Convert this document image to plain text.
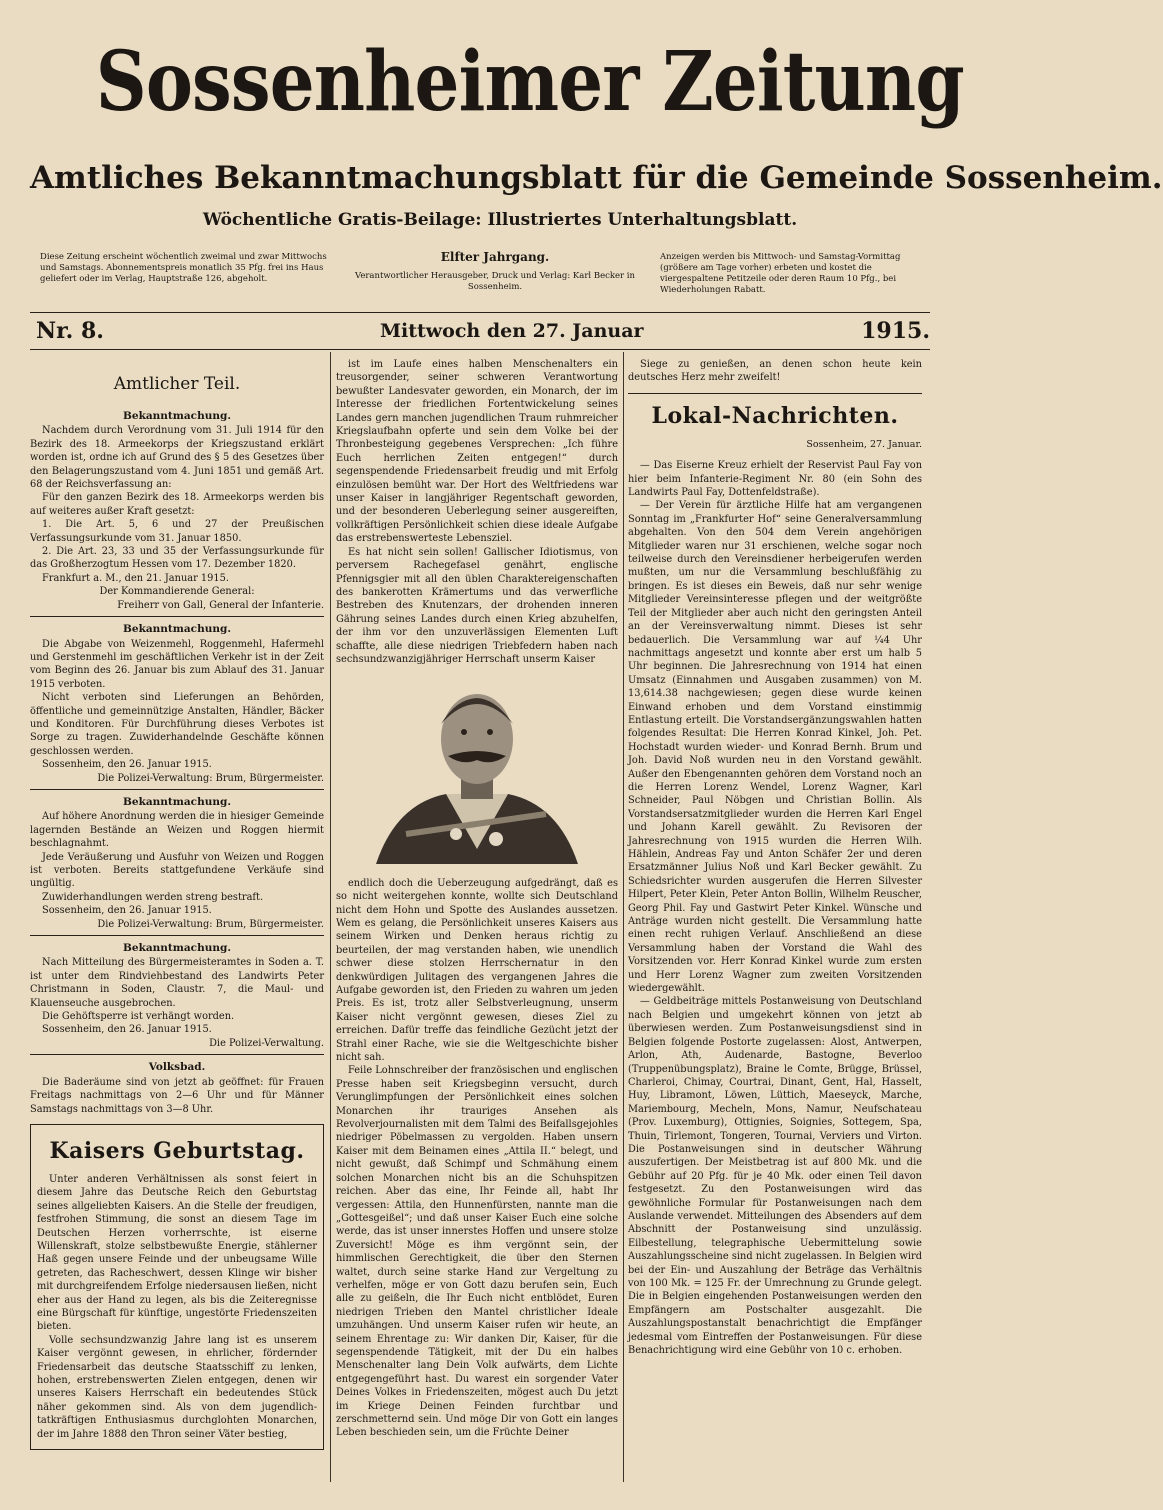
Sossenheimer Zeitung
Amtliches Bekanntmachungsblatt für die Gemeinde Sossenheim.
Wöchentliche Gratis-Beilage: Illustriertes Unterhaltungsblatt.
Diese Zeitung erscheint wöchentlich zweimal und zwar Mittwochs und Samstags. Abonnementspreis monatlich 35 Pfg. frei ins Haus geliefert oder im Verlag, Hauptstraße 126, abgeholt.
Elfter Jahrgang.
Verantwortlicher Herausgeber, Druck und Verlag: Karl Becker in Sossenheim.
Anzeigen werden bis Mittwoch- und Samstag-Vormittag (größere am Tage vorher) erbeten und kostet die viergespaltene Petitzeile oder deren Raum 10 Pfg., bei Wiederholungen Rabatt.
Nr. 8.	Mittwoch den 27. Januar	1915.
Amtlicher Teil.
Bekanntmachung.

Nachdem durch Verordnung vom 31. Juli 1914 für den Bezirk des 18. Armeekorps der Kriegszustand erklärt worden ist, ordne ich auf Grund des § 5 des Gesetzes über den Belagerungszustand vom 4. Juni 1851 und gemäß Art. 68 der Reichsverfassung an:

Für den ganzen Bezirk des 18. Armeekorps werden bis auf weiteres außer Kraft gesetzt:

1. Die Art. 5, 6 und 27 der Preußischen Verfassungsurkunde vom 31. Januar 1850.

2. Die Art. 23, 33 und 35 der Verfassungsurkunde für das Großherzogtum Hessen vom 17. Dezember 1820.

Frankfurt a. M., den 21. Januar 1915.

Der Kommandierende General:
Freiherr von Gall, General der Infanterie.
Bekanntmachung.

Die Abgabe von Weizenmehl, Roggenmehl, Hafermehl und Gerstenmehl im geschäftlichen Verkehr ist in der Zeit vom Beginn des 26. Januar bis zum Ablauf des 31. Januar 1915 verboten.

Nicht verboten sind Lieferungen an Behörden, öffentliche und gemeinnützige Anstalten, Händler, Bäcker und Konditoren. Für Durchführung dieses Verbotes ist Sorge zu tragen. Zuwiderhandelnde Geschäfte können geschlossen werden.

Sossenheim, den 26. Januar 1915.

Die Polizei-Verwaltung: Brum, Bürgermeister.
Bekanntmachung.

Auf höhere Anordnung werden die in hiesiger Gemeinde lagernden Bestände an Weizen und Roggen hiermit beschlagnahmt.

Jede Veräußerung und Ausfuhr von Weizen und Roggen ist verboten. Bereits stattgefundene Verkäufe sind ungültig.

Zuwiderhandlungen werden streng bestraft.

Sossenheim, den 26. Januar 1915.

Die Polizei-Verwaltung: Brum, Bürgermeister.
Bekanntmachung.

Nach Mitteilung des Bürgermeisteramtes in Soden a. T. ist unter dem Rindviehbestand des Landwirts Peter Christmann in Soden, Claustr. 7, die Maul- und Klauenseuche ausgebrochen.

Die Gehöftsperre ist verhängt worden.

Sossenheim, den 26. Januar 1915.

Die Polizei-Verwaltung.
Volksbad.

Die Baderäume sind von jetzt ab geöffnet: für Frauen Freitags nachmittags von 2—6 Uhr und für Männer Samstags nachmittags von 3—8 Uhr.

Kaisers Geburtstag.

Unter anderen Verhältnissen als sonst feiert in diesem Jahre das Deutsche Reich den Geburtstag seines allgeliebten Kaisers. An die Stelle der freudigen, festfrohen Stimmung, die sonst an diesem Tage im Deutschen Herzen vorherrschte, ist eiserne Willenskraft, stolze selbstbewußte Energie, stählerner Haß gegen unsere Feinde und der unbeugsame Wille getreten, das Racheschwert, dessen Klinge wir bisher mit durchgreifendem Erfolge niedersausen ließen, nicht eher aus der Hand zu legen, als bis die Zeiteregnisse eine Bürgschaft für künftige, ungestörte Friedenszeiten bieten.

Volle sechsundzwanzig Jahre lang ist es unserem Kaiser vergönnt gewesen, in ehrlicher, fördernder Friedensarbeit das deutsche Staatsschiff zu lenken, hohen, erstrebenswerten Zielen entgegen, denen wir unseres Kaisers Herrschaft ein bedeutendes Stück näher gekommen sind. Als von dem jugendlich-tatkräftigen Enthusiasmus durchglohten Monarchen, der im Jahre 1888 den Thron seiner Väter bestieg,

ist im Laufe eines halben Menschenalters ein treusorgender, seiner schweren Verantwortung bewußter Landesvater geworden, ein Monarch, der im Interesse der friedlichen Fortentwickelung seines Landes gern manchen jugendlichen Traum ruhmreicher Kriegslaufbahn opferte und sein dem Volke bei der Thronbesteigung gegebenes Versprechen: „Ich führe Euch herrlichen Zeiten entgegen!“ durch segenspendende Friedensarbeit freudig und mit Erfolg einzulösen bemüht war. Der Hort des Weltfriedens war unser Kaiser in langjähriger Regentschaft geworden, und der besonderen Ueberlegung seiner ausgereiften, vollkräftigen Persönlichkeit schien diese ideale Aufgabe das erstrebenswerteste Lebensziel.

Es hat nicht sein sollen! Gallischer Idiotismus, von perversem Rachegefasel genährt, englische Pfennigsgier mit all den üblen Charaktereigenschaften des bankerotten Krämertums und das verwerfliche Bestreben des Knutenzars, der drohenden inneren Gährung seines Landes durch einen Krieg abzuhelfen, der ihm vor den unzuverlässigen Elementen Luft schaffte, alle diese niedrigen Triebfedern haben nach sechsundzwanzigjähriger Herrschaft unserm Kaiser

Kaiser Wilhelm II.

endlich doch die Ueberzeugung aufgedrängt, daß es so nicht weitergehen konnte, wollte sich Deutschland nicht dem Hohn und Spotte des Auslandes aussetzen. Wem es gelang, die Persönlichkeit unseres Kaisers aus seinem Wirken und Denken heraus richtig zu beurteilen, der mag verstanden haben, wie unendlich schwer diese stolzen Herrschernatur in den denkwürdigen Julitagen des vergangenen Jahres die Aufgabe geworden ist, den Frieden zu wahren um jeden Preis. Es ist, trotz aller Selbstverleugnung, unserm Kaiser nicht vergönnt gewesen, dieses Ziel zu erreichen. Dafür treffe das feindliche Gezücht jetzt der Strahl einer Rache, wie sie die Weltgeschichte bisher nicht sah.

Feile Lohnschreiber der französischen und englischen Presse haben seit Kriegsbeginn versucht, durch Verunglimpfungen der Persönlichkeit eines solchen Monarchen ihr trauriges Ansehen als Revolverjournalisten mit dem Talmi des Beifallsgejohles niedriger Pöbelmassen zu vergolden. Haben unsern Kaiser mit dem Beinamen eines „Attila II.“ belegt, und nicht gewußt, daß Schimpf und Schmähung einem solchen Monarchen nicht bis an die Schuhspitzen reichen. Aber das eine, Ihr Feinde all, habt Ihr vergessen: Attila, den Hunnenfürsten, nannte man die „Gottesgeißel“; und daß unser Kaiser Euch eine solche werde, das ist unser innerstes Hoffen und unsere stolze Zuversicht! Möge es ihm vergönnt sein, der himmlischen Gerechtigkeit, die über den Sternen waltet, durch seine starke Hand zur Vergeltung zu verhelfen, möge er von Gott dazu berufen sein, Euch alle zu geißeln, die Ihr Euch nicht entblödet, Euren niedrigen Trieben den Mantel christlicher Ideale umzuhängen. Und unserm Kaiser rufen wir heute, an seinem Ehrentage zu: Wir danken Dir, Kaiser, für die segenspendende Tätigkeit, mit der Du ein halbes Menschenalter lang Dein Volk aufwärts, dem Lichte entgegengeführt hast. Du warest ein sorgender Vater Deines Volkes in Friedenszeiten, mögest auch Du jetzt im Kriege Deinen Feinden furchtbar und zerschmetternd sein. Und möge Dir von Gott ein langes Leben beschieden sein, um die Früchte Deiner

Siege zu genießen, an denen schon heute kein deutsches Herz mehr zweifelt!

Lokal-Nachrichten.
Sossenheim, 27. Januar.

— Das Eiserne Kreuz erhielt der Reservist Paul Fay von hier beim Infanterie-Regiment Nr. 80 (ein Sohn des Landwirts Paul Fay, Dottenfeldstraße).

— Der Verein für ärztliche Hilfe hat am vergangenen Sonntag im „Frankfurter Hof“ seine Generalversammlung abgehalten. Von den 504 dem Verein angehörigen Mitglieder waren nur 31 erschienen, welche sogar noch teilweise durch den Vereinsdiener herbeigerufen werden mußten, um nur die Versammlung beschlußfähig zu bringen. Es ist dieses ein Beweis, daß nur sehr wenige Mitglieder Vereinsinteresse pflegen und der weitgrößte Teil der Mitglieder aber auch nicht den geringsten Anteil an der Vereinsverwaltung nimmt. Dieses ist sehr bedauerlich. Die Versammlung war auf ¼4 Uhr nachmittags angesetzt und konnte aber erst um halb 5 Uhr beginnen. Die Jahresrechnung von 1914 hat einen Umsatz (Einnahmen und Ausgaben zusammen) von M. 13,614.38 nachgewiesen; gegen diese wurde keinen Einwand erhoben und dem Vorstand einstimmig Entlastung erteilt. Die Vorstandsergänzungswahlen hatten folgendes Resultat: Die Herren Konrad Kinkel, Joh. Pet. Hochstadt wurden wieder- und Konrad Bernh. Brum und Joh. David Noß wurden neu in den Vorstand gewählt. Außer den Ebengenannten gehören dem Vorstand noch an die Herren Lorenz Wendel, Lorenz Wagner, Karl Schneider, Paul Nöbgen und Christian Bollin. Als Vorstandsersatzmitglieder wurden die Herren Karl Engel und Johann Karell gewählt. Zu Revisoren der Jahresrechnung von 1915 wurden die Herren Wilh. Hählein, Andreas Fay und Anton Schäfer 2er und deren Ersatzmänner Julius Noß und Karl Becker gewählt. Zu Schiedsrichter wurden ausgerufen die Herren Silvester Hilpert, Peter Klein, Peter Anton Bollin, Wilhelm Reuscher, Georg Phil. Fay und Gastwirt Peter Kinkel. Wünsche und Anträge wurden nicht gestellt. Die Versammlung hatte einen recht ruhigen Verlauf. Anschließend an diese Versammlung haben der Vorstand die Wahl des Vorsitzenden vor. Herr Konrad Kinkel wurde zum ersten und Herr Lorenz Wagner zum zweiten Vorsitzenden wiedergewählt.

— Geldbeiträge mittels Postanweisung von Deutschland nach Belgien und umgekehrt können von jetzt ab überwiesen werden. Zum Postanweisungsdienst sind in Belgien folgende Postorte zugelassen: Alost, Antwerpen, Arlon, Ath, Audenarde, Bastogne, Beverloo (Truppenübungsplatz), Braine le Comte, Brügge, Brüssel, Charleroi, Chimay, Courtrai, Dinant, Gent, Hal, Hasselt, Huy, Libramont, Löwen, Lüttich, Maeseyck, Marche, Mariembourg, Mecheln, Mons, Namur, Neufschateau (Prov. Luxemburg), Ottignies, Soignies, Sottegem, Spa, Thuin, Tirlemont, Tongeren, Tournai, Verviers und Virton. Die Postanweisungen sind in deutscher Währung auszufertigen. Der Meistbetrag ist auf 800 Mk. und die Gebühr auf 20 Pfg. für je 40 Mk. oder einen Teil davon festgesetzt. Zu den Postanweisungen wird das gewöhnliche Formular für Postanweisungen nach dem Auslande verwendet. Mitteilungen des Absenders auf dem Abschnitt der Postanweisung sind unzulässig. Eilbestellung, telegraphische Uebermittelung sowie Auszahlungsscheine sind nicht zugelassen. In Belgien wird bei der Ein- und Auszahlung der Beträge das Verhältnis von 100 Mk. = 125 Fr. der Umrechnung zu Grunde gelegt. Die in Belgien eingehenden Postanweisungen werden den Empfängern am Postschalter ausgezahlt. Die Auszahlungspostanstalt benachrichtigt die Empfänger jedesmal vom Eintreffen der Postanweisungen. Für diese Benachrichtigung wird eine Gebühr von 10 c. erhoben.
